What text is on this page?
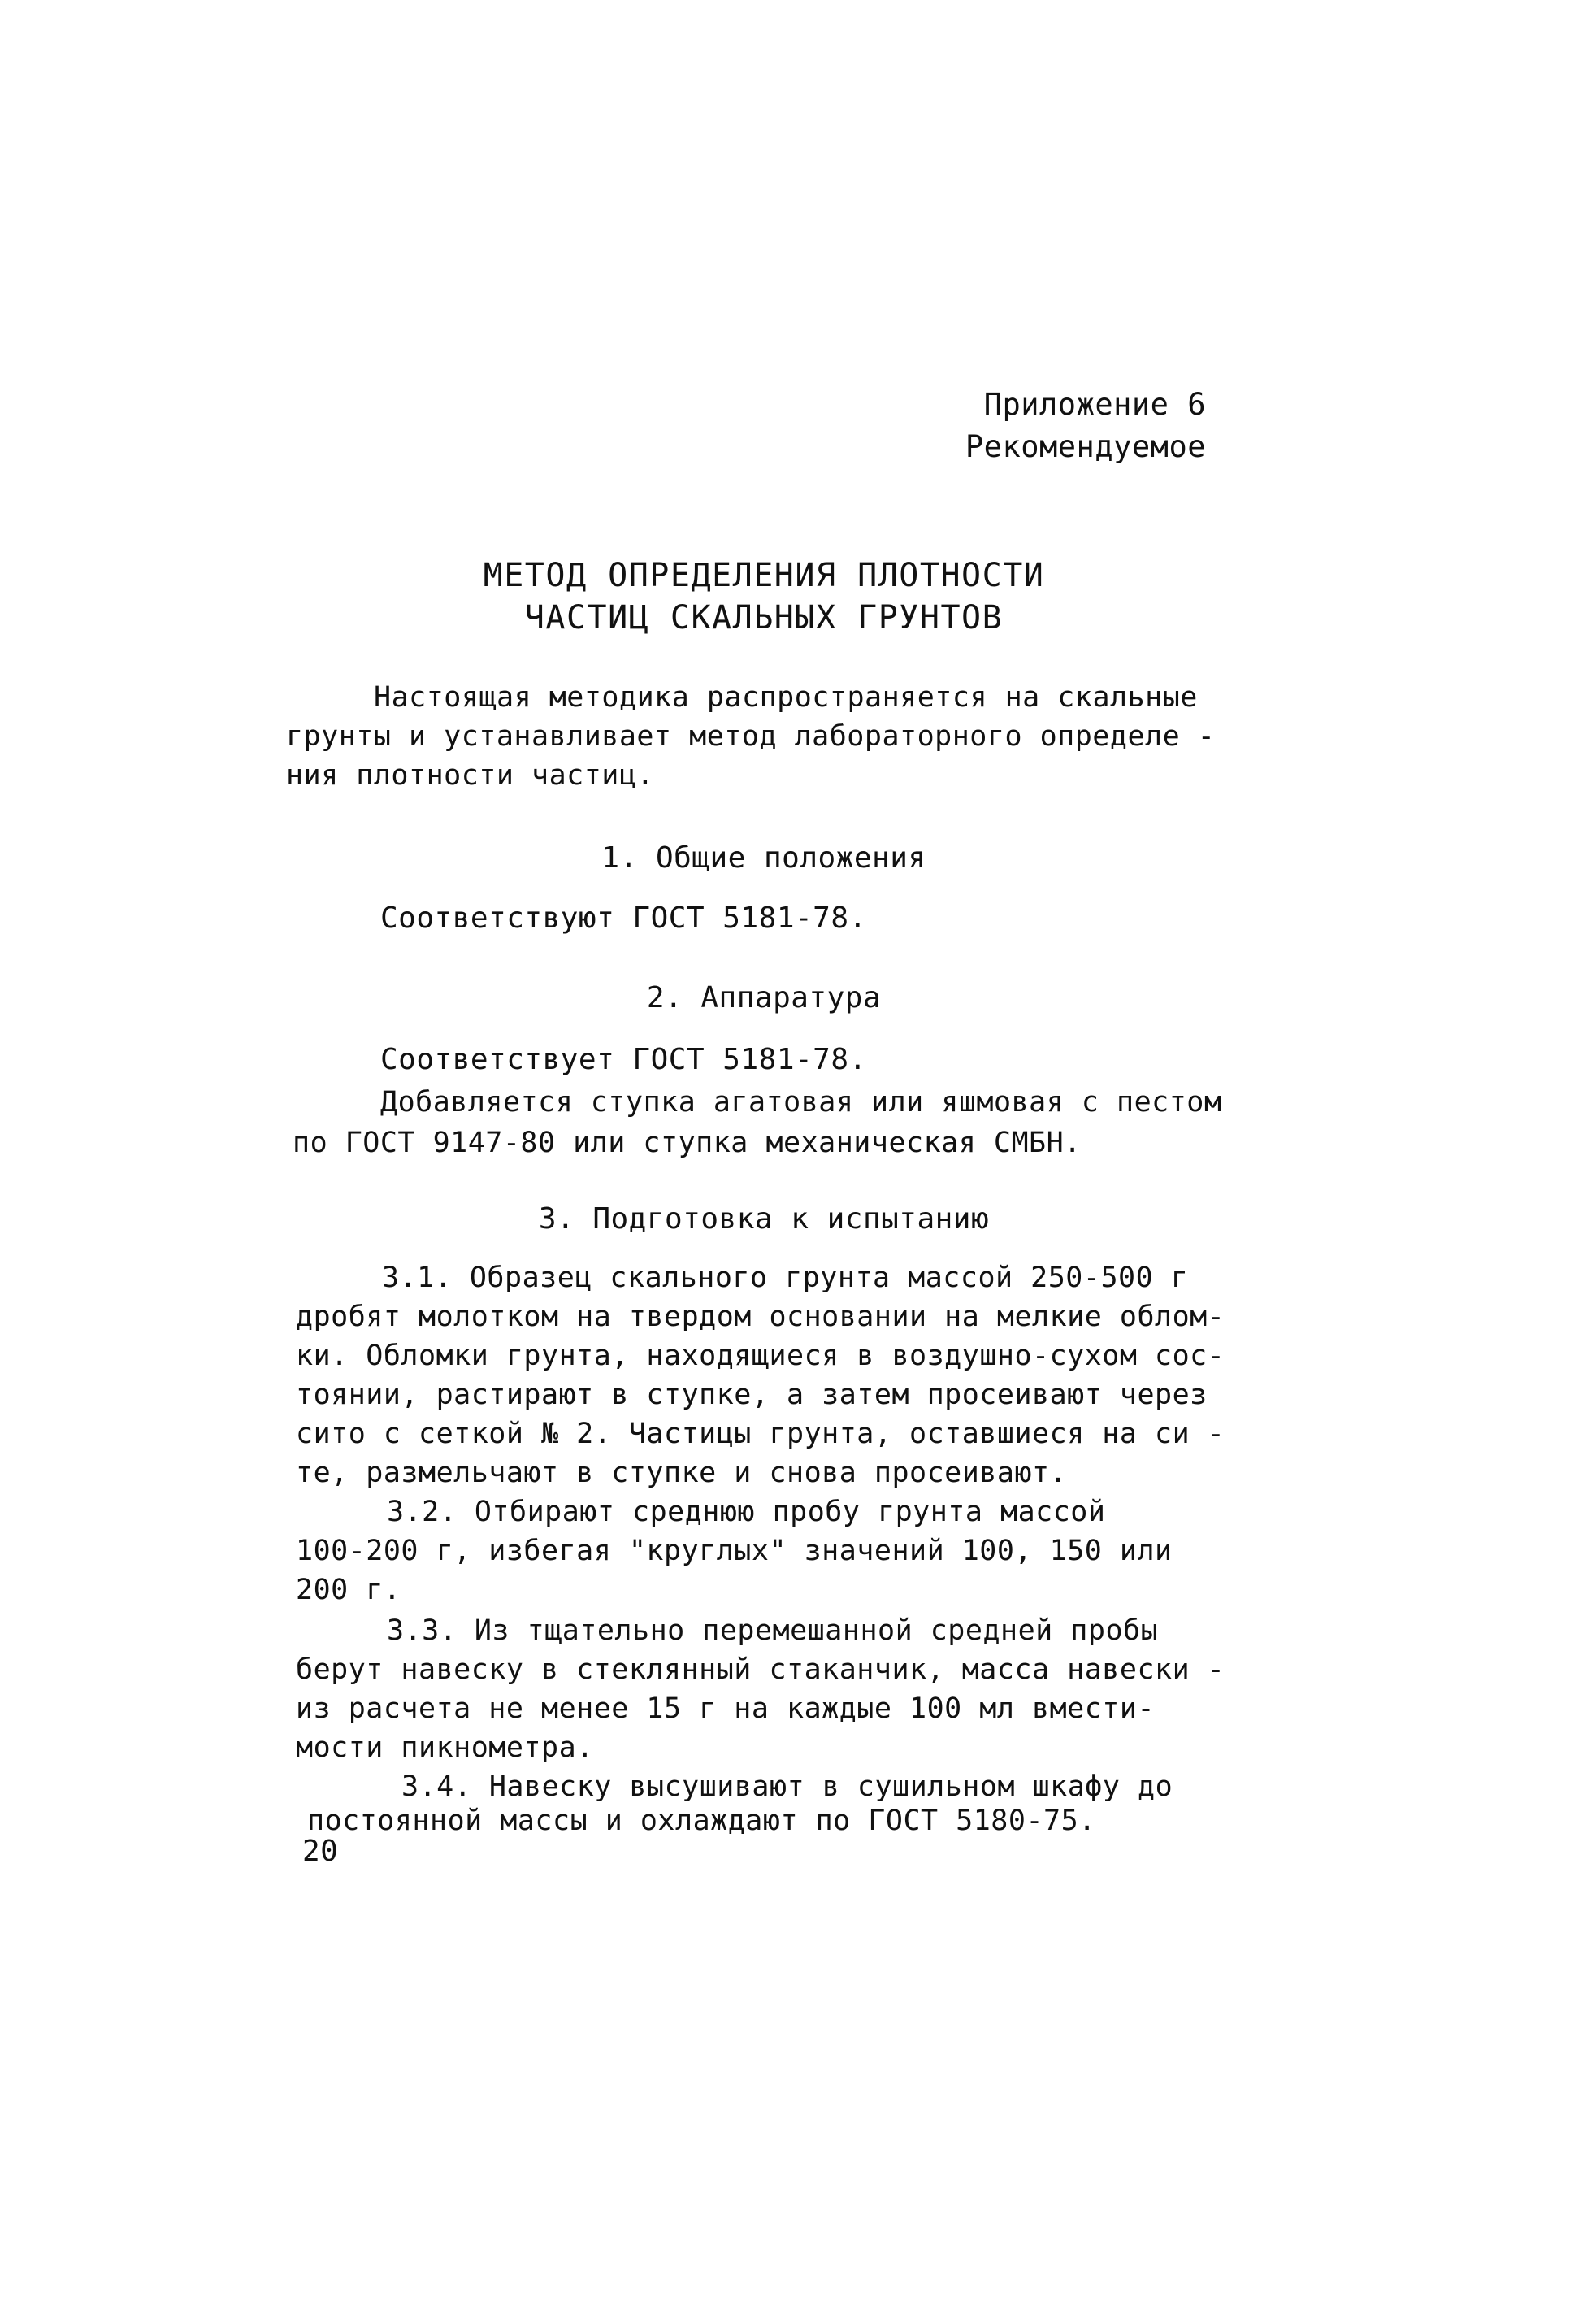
Приложение 6
Рекомендуемое
МЕТОД ОПРЕДЕЛЕНИЯ ПЛОТНОСТИ
ЧАСТИЦ СКАЛЬНЫХ ГРУНТОВ
Настоящая методика распространяется на скальные
грунты и устанавливает метод лабораторного определе -
ния плотности частиц.
1. Общие положения
Соответствуют ГОСТ 5181-78.
2. Аппаратура
Соответствует ГОСТ 5181-78.
Добавляется ступка агатовая или яшмовая с пестом
по ГОСТ 9147-80 или ступка механическая СМБН.
3. Подготовка к испытанию
3.1. Образец скального грунта массой 250-500 г
дробят молотком на твердом основании на мелкие облом-
ки. Обломки грунта, находящиеся в воздушно-сухом сос-
тоянии, растирают в ступке, а затем просеивают через
сито с сеткой № 2. Частицы грунта, оставшиеся на си -
те, размельчают в ступке и снова просеивают.
3.2. Отбирают среднюю пробу грунта массой
100-200 г, избегая "круглых" значений 100, 150 или
200 г.
3.3. Из тщательно перемешанной средней пробы
берут навеску в стеклянный стаканчик, масса навески -
из расчета не менее 15 г на каждые 100 мл вмести-
мости пикнометра.
3.4. Навеску высушивают в сушильном шкафу до
постоянной массы и охлаждают по ГОСТ 5180-75.
20
